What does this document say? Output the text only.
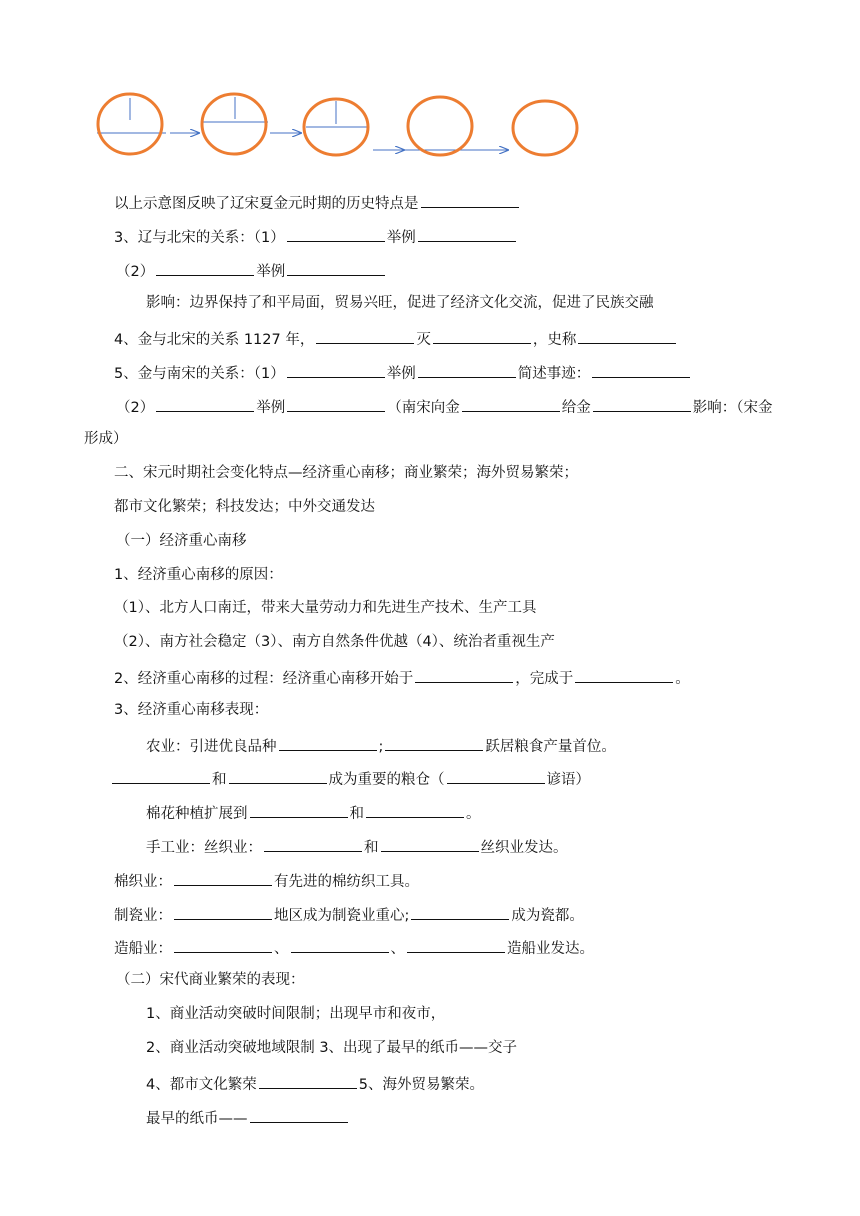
以上示意图反映了辽宋夏金元时期的历史特点是
3、辽与北宋的关系：（1）	举例
（2）	举例
影响：边界保持了和平局面，贸易兴旺，促进了经济文化交流，促进了民族交融
4、金与北宋的关系 1127 年，	灭	，史称
5、金与南宋的关系：（1）	举例	简述事迹：
（2）	举例	（南宋向金	给金	影响：（宋金
形成）
二、宋元时期社会变化特点—经济重心南移；商业繁荣；海外贸易繁荣；
都市文化繁荣；科技发达；中外交通发达
（一）经济重心南移
1、经济重心南移的原因：
（1）、北方人口南迁，带来大量劳动力和先进生产技术、生产工具
（2）、南方社会稳定（3）、南方自然条件优越（4）、统治者重视生产
2、经济重心南移的过程：经济重心南移开始于	，完成于	。
3、经济重心南移表现：
农业：引进优良品种	;	跃居粮食产量首位。
和	成为重要的粮仓（	谚语）
棉花种植扩展到	和	。
手工业：丝织业：	和	丝织业发达。
棉织业：	有先进的棉纺织工具。
制瓷业：	地区成为制瓷业重心;	成为瓷都。
造船业：	、	、	造船业发达。
（二）宋代商业繁荣的表现：
1、商业活动突破时间限制；出现早市和夜市，
2、商业活动突破地域限制 3、出现了最早的纸币——交子
4、都市文化繁荣	5、海外贸易繁荣。
最早的纸币——
